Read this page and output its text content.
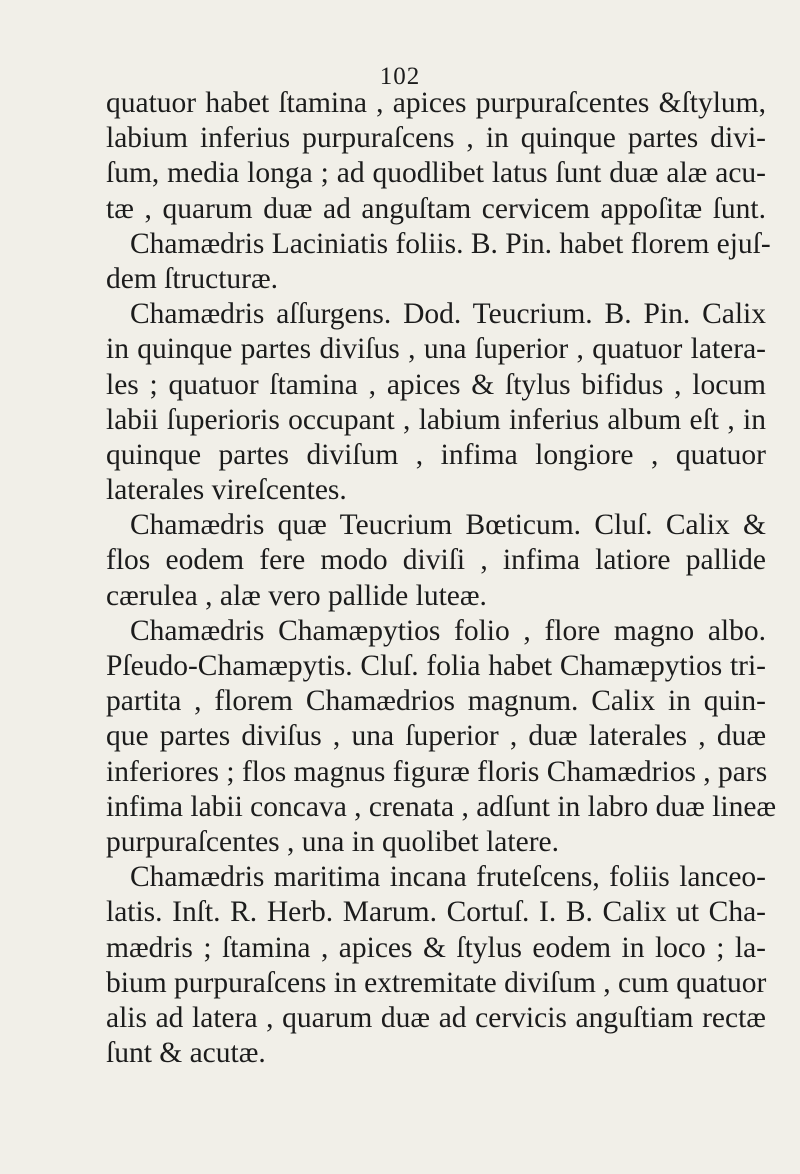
102
quatuor habet ſtamina , apices purpuraſcentes &ſtylum,
labium inferius purpuraſcens , in quinque partes divi-
ſum, media longa ; ad quodlibet latus ſunt duæ alæ acu-
tæ , quarum duæ ad anguſtam cervicem appoſitæ ſunt.
Chamædris Laciniatis foliis. B. Pin. habet florem ejuſ-
dem ſtructuræ.
Chamædris aſſurgens. Dod. Teucrium. B. Pin. Calix
in quinque partes diviſus , una ſuperior , quatuor latera-
les ; quatuor ſtamina , apices & ſtylus bifidus , locum
labii ſuperioris occupant , labium inferius album eſt , in
quinque partes diviſum , infima longiore , quatuor
laterales vireſcentes.
Chamædris quæ Teucrium Bœticum. Cluſ. Calix &
flos eodem fere modo diviſi , infima latiore pallide
cærulea , alæ vero pallide luteæ.
Chamædris Chamæpytios folio , flore magno albo.
Pſeudo-Chamæpytis. Cluſ. folia habet Chamæpytios tri-
partita , florem Chamædrios magnum. Calix in quin-
que partes diviſus , una ſuperior , duæ laterales , duæ
inferiores ; flos magnus figuræ floris Chamædrios , pars
infima labii concava , crenata , adſunt in labro duæ lineæ
purpuraſcentes , una in quolibet latere.
Chamædris maritima incana fruteſcens, foliis lanceo-
latis. Inſt. R. Herb. Marum. Cortuſ. I. B. Calix ut Cha-
mædris ; ſtamina , apices & ſtylus eodem in loco ; la-
bium purpuraſcens in extremitate diviſum , cum quatuor
alis ad latera , quarum duæ ad cervicis anguſtiam rectæ
ſunt & acutæ.
